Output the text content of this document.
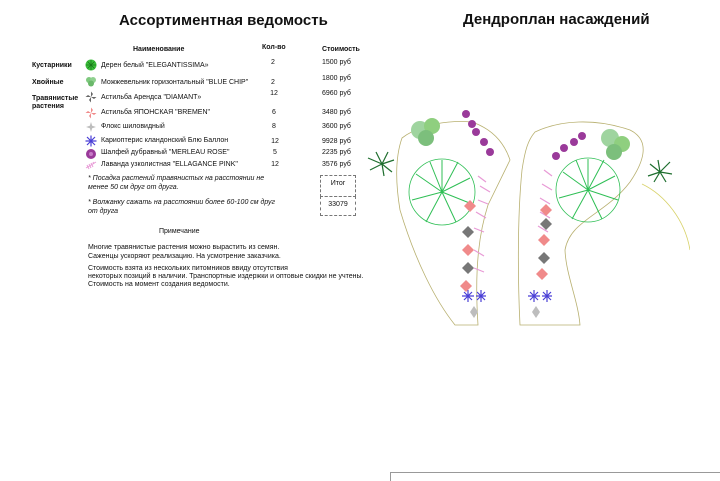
Ассортиментная ведомость
Наименование	Кол-во	Стоимость
Кустарники
Хвойные
Травянистые растения
Дерен белый "ELEGANTISSIMA»
Можжевельник горизонтальный "BLUE CHIP"
Астильба Арендса "DIAMANT»
Астильба ЯПОНСКАЯ "BREMEN"
Флокс шиловидный
Кариоптерис кландонский Блю Баллон
Шалфей дубравный "MERLEAU ROSE"
Лаванда узколистная "ELLAGANCE PINK"
2
2
12
6
8
12
5
12
1500 руб
1800 руб
6960 руб
3480 руб
3600 руб
9928 руб
2235 руб
3576 руб
* Посадка растений травянистых на расстоянии не менее 50 см друг от друга.
* Волжанку сажать на расстоянии более 60-100 см друг от друга
Итог
33079
Примечание
Многие травянистые растения можно вырастить из семян.
Саженцы ускоряют реализацию. На усмотрение заказчика.
Стоимость взята из нескольких питомников ввиду отсутствия
некоторых позиций в наличии. Транспортные издержки и оптовые скидки не учтены.
Стоимость на момент создания ведомости.
Дендроплан насаждений
